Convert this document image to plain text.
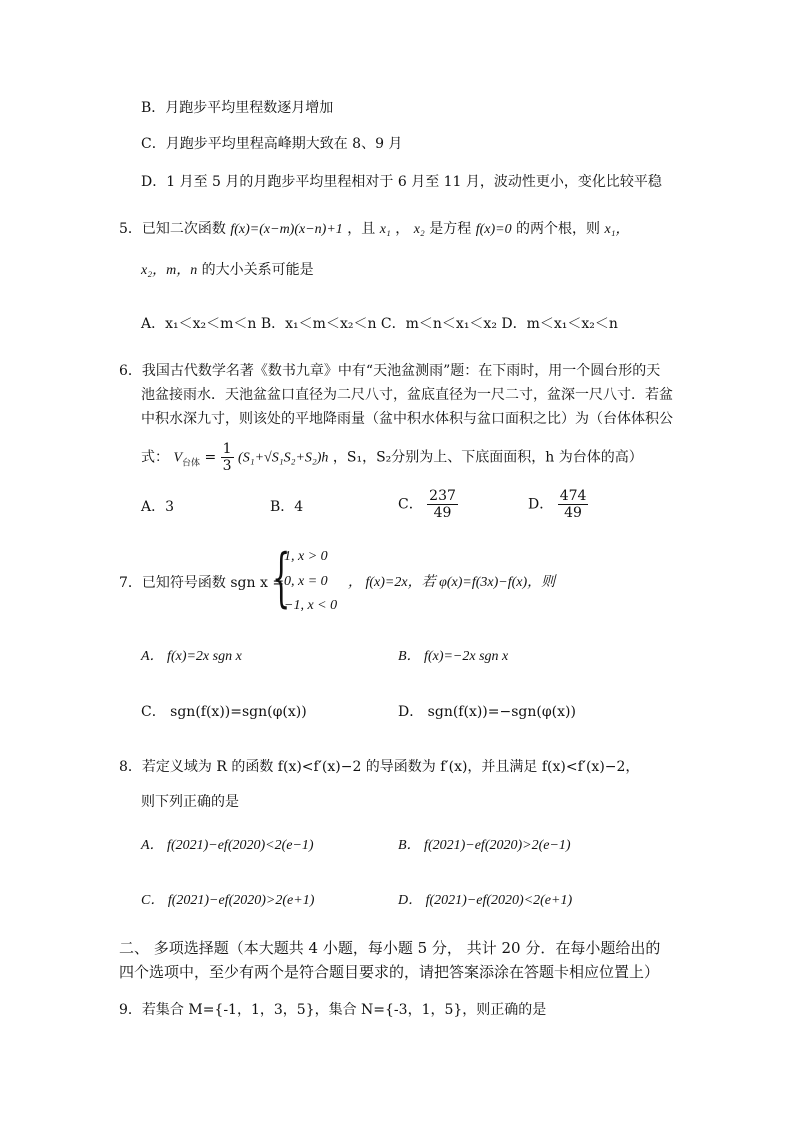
B．月跑步平均里程数逐月增加
C．月跑步平均里程高峰期大致在 8、9 月
D．1 月至 5 月的月跑步平均里程相对于 6 月至 11 月，波动性更小，变化比较平稳
5．已知二次函数 f(x)=(x−m)(x−n)+1 ，且 x₁ ， x₂ 是方程 f(x)=0 的两个根，则 x₁，
x₂，m，n 的大小关系可能是
A．x₁＜x₂＜m＜n B．x₁＜m＜x₂＜n C．m＜n＜x₁＜x₂ D．m＜x₁＜x₂＜n
6．我国古代数学名著《数书九章》中有“天池盆测雨”题：在下雨时，用一个圆台形的天
池盆接雨水．天池盆盆口直径为二尺八寸，盆底直径为一尺二寸，盆深一尺八寸．若盆
中积水深九寸，则该处的平地降雨量（盆中积水体积与盆口面积之比）为（台体体积公
式： $V_{台体} = \frac{1}{3} (S_1+√S_1S_2+S_2)h$ ，S₁，S₂分别为上、下底面面积，h 为台体的高）
A．3	B．4	C． $\frac{237}{49}$	D． $\frac{474}{49}$
7．已知符号函数 sgn x =
{
1, x > 0
0, x = 0
−1, x < 0
， f(x)=2x，若 φ(x)=f(3x)−f(x)，则
A． f(x)=2x sgn x	B． f(x)=−2x sgn x
C． sgn(f(x))=sgn(φ(x))	D． sgn(f(x))=−sgn(φ(x))
8．若定义域为 R 的函数 f(x)<f′(x)−2 的导函数为 f′(x)，并且满足 f(x)<f′(x)−2，
则下列正确的是
A． f(2021)−ef(2020)<2(e−1)	B． f(2021)−ef(2020)>2(e−1)
C． f(2021)−ef(2020)>2(e+1)	D． f(2021)−ef(2020)<2(e+1)
二、 多项选择题（本大题共 4 小题，每小题 5 分， 共计 20 分．在每小题给出的
四个选项中，至少有两个是符合题目要求的，请把答案添涂在答题卡相应位置上）
9．若集合 M={-1，1，3，5}，集合 N={-3，1，5}，则正确的是
